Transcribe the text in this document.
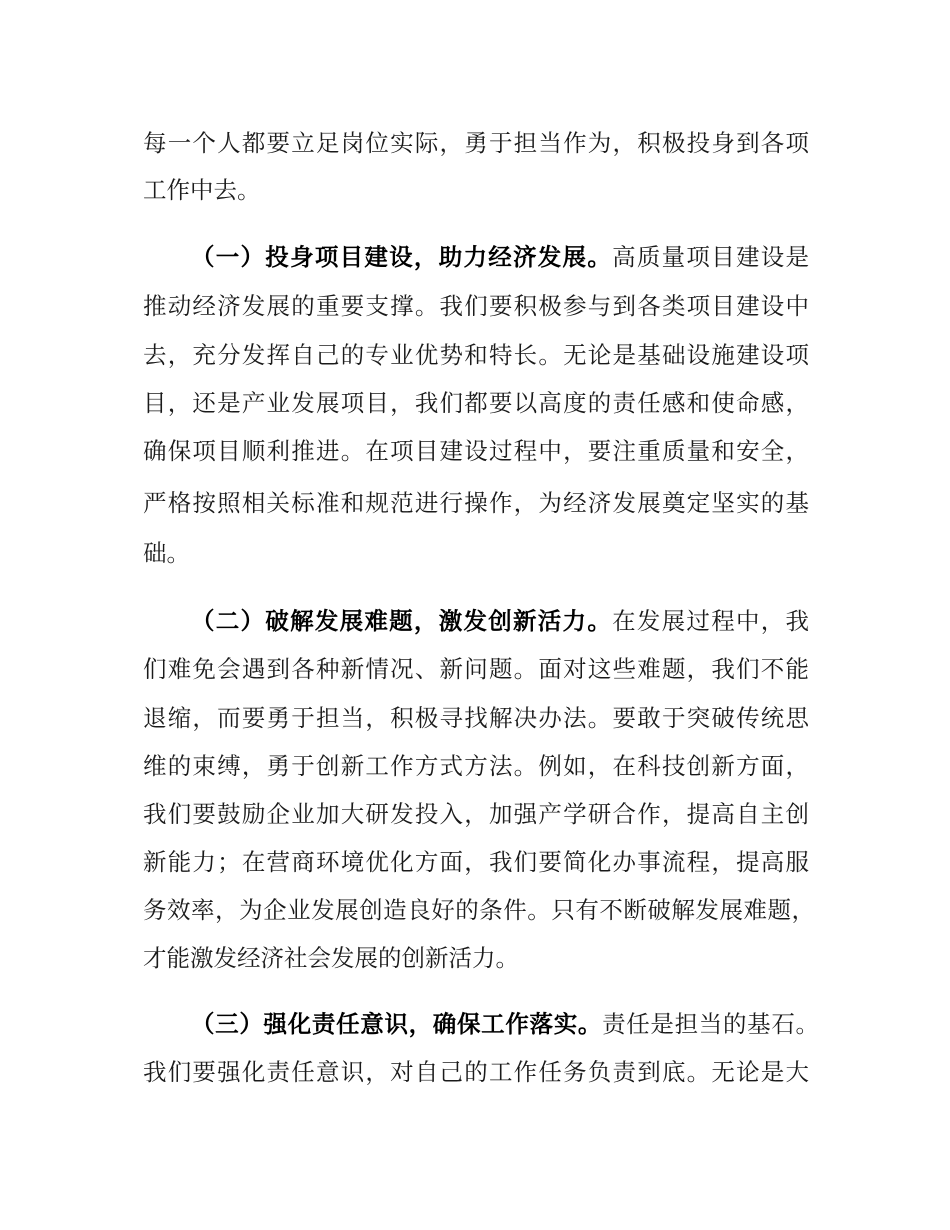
每一个人都要立足岗位实际，勇于担当作为，积极投身到各项
工作中去。
（一）投身项目建设，助力经济发展。高质量项目建设是
推动经济发展的重要支撑。我们要积极参与到各类项目建设中
去，充分发挥自己的专业优势和特长。无论是基础设施建设项
目，还是产业发展项目，我们都要以高度的责任感和使命感，
确保项目顺利推进。在项目建设过程中，要注重质量和安全，
严格按照相关标准和规范进行操作，为经济发展奠定坚实的基
础。
（二）破解发展难题，激发创新活力。在发展过程中，我
们难免会遇到各种新情况、新问题。面对这些难题，我们不能
退缩，而要勇于担当，积极寻找解决办法。要敢于突破传统思
维的束缚，勇于创新工作方式方法。例如，在科技创新方面，
我们要鼓励企业加大研发投入，加强产学研合作，提高自主创
新能力；在营商环境优化方面，我们要简化办事流程，提高服
务效率，为企业发展创造良好的条件。只有不断破解发展难题，
才能激发经济社会发展的创新活力。
（三）强化责任意识，确保工作落实。责任是担当的基石。
我们要强化责任意识，对自己的工作任务负责到底。无论是大
